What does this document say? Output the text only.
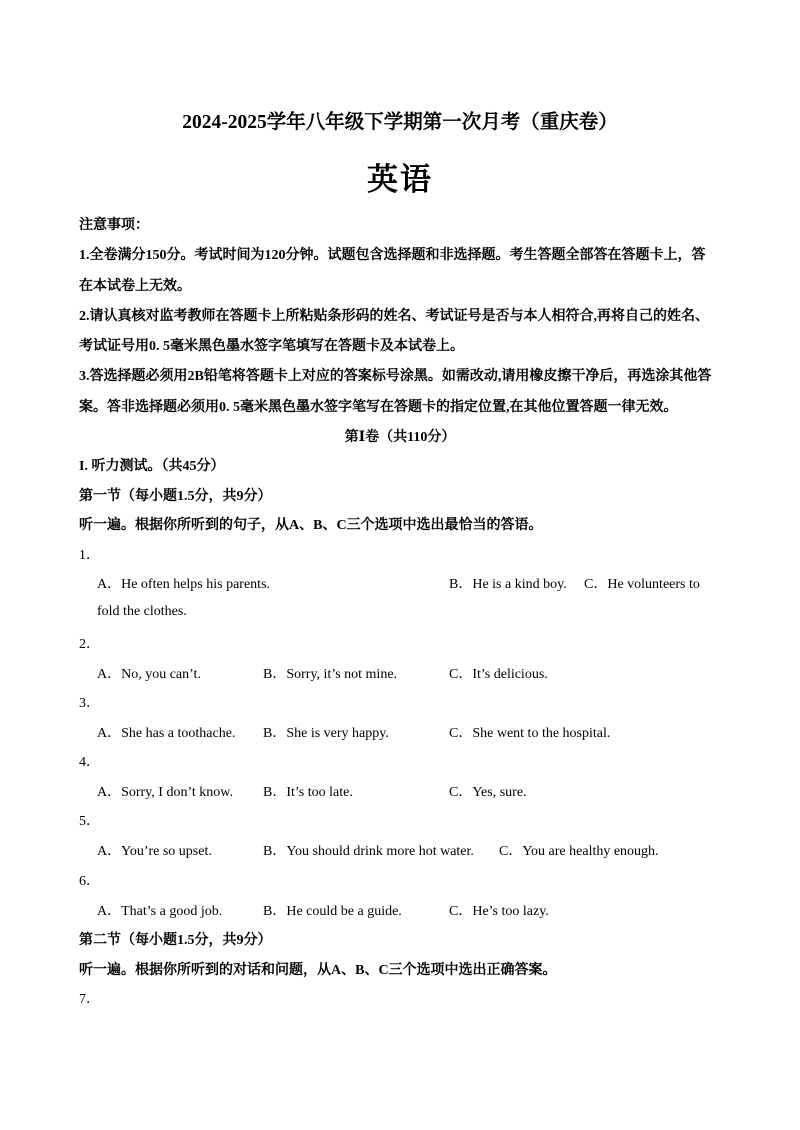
2024-2025学年八年级下学期第一次月考（重庆卷）
英语
注意事项：
1.全卷满分150分。考试时间为120分钟。试题包含选择题和非选择题。考生答题全部答在答题卡上，答
在本试卷上无效。
2.请认真核对监考教师在答题卡上所粘贴条形码的姓名、考试证号是否与本人相符合,再将自己的姓名、
考试证号用0. 5毫米黑色墨水签字笔填写在答题卡及本试卷上。
3.答选择题必须用2B铅笔将答题卡上对应的答案标号涂黑。如需改动,请用橡皮擦干净后，再选涂其他答
案。答非选择题必须用0. 5毫米黑色墨水签字笔写在答题卡的指定位置,在其他位置答题一律无效。
第Ⅰ卷（共110分）
I. 听力测试。（共45分）
第一节（每小题1.5分，共9分）
听一遍。根据你所听到的句子，从A、B、C三个选项中选出最恰当的答语。
1．
A．He often helps his parents.	B．He is a kind boy. C．He volunteers to
fold the clothes.
2．
A．No, you can’t.	B．Sorry, it’s not mine.	C．It’s delicious.
3．
A．She has a toothache. B．She is very happy.	C．She went to the hospital.
4．
A．Sorry, I don’t know. B．It’s too late.	C．Yes, sure.
5．
A．You’re so upset.	B．You should drink more hot water. C．You are healthy enough.
6．
A．That’s a good job.	B．He could be a guide.	C．He’s too lazy.
第二节（每小题1.5分，共9分）
听一遍。根据你所听到的对话和问题，从A、B、C三个选项中选出正确答案。
7．
